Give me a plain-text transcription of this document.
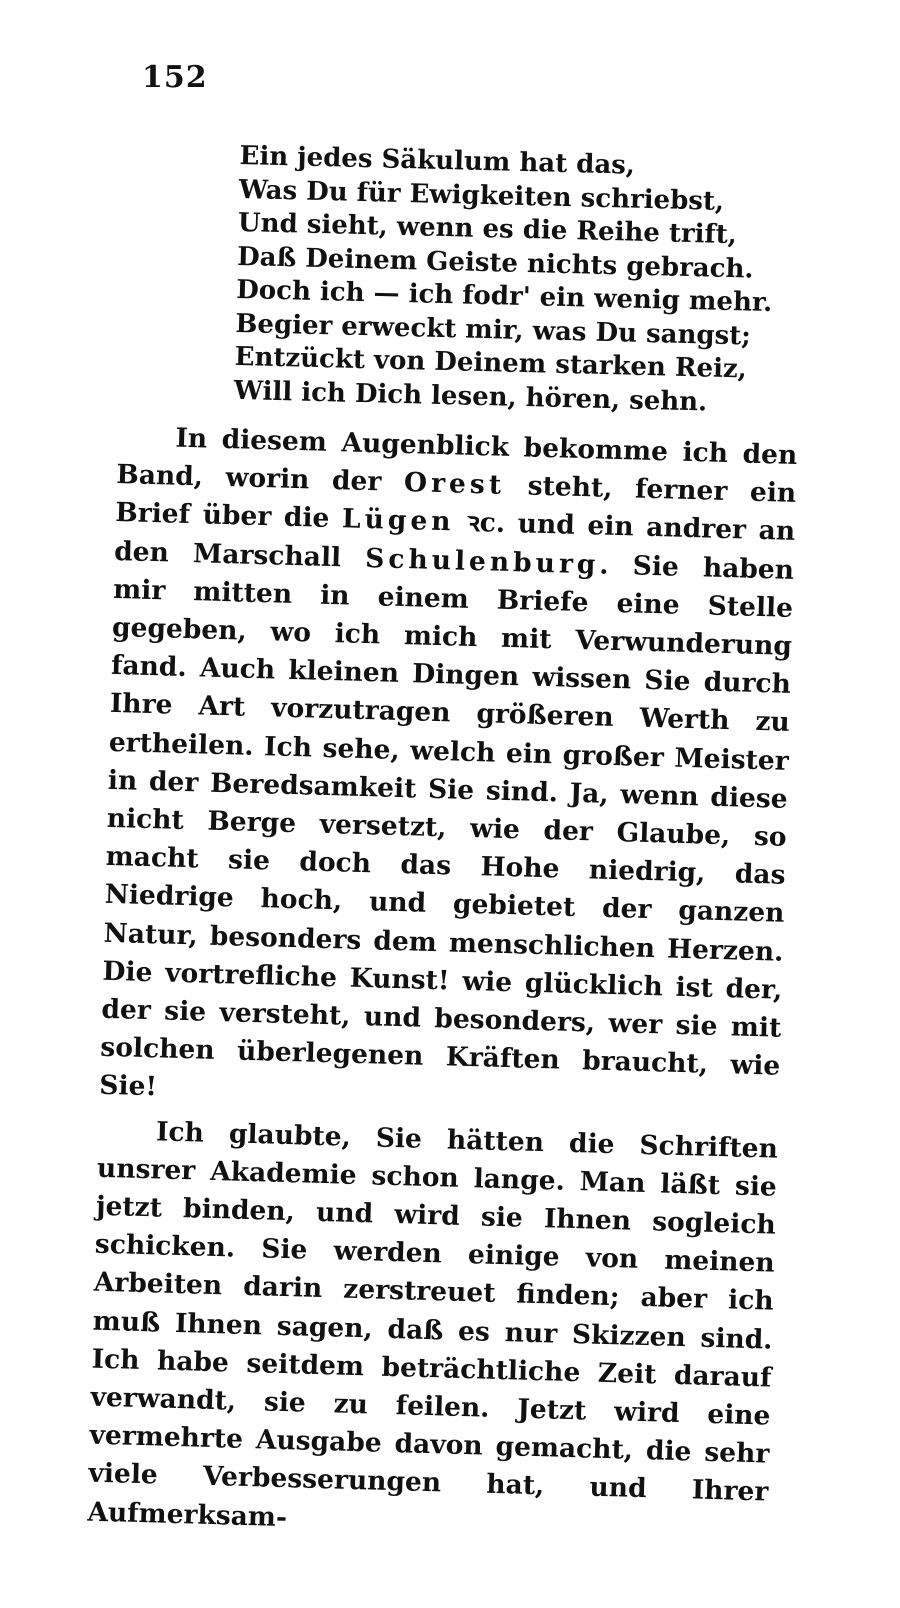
152
Ein jedes Säkulum hat das,
Was Du für Ewigkeiten schriebst,
Und sieht, wenn es die Reihe trift,
Daß Deinem Geiste nichts gebrach.
Doch ich — ich fodr' ein wenig mehr.
Begier erweckt mir, was Du sangst;
Entzückt von Deinem starken Reiz,
Will ich Dich lesen, hören, sehn.

In diesem Augenblick bekomme ich den Band, worin der Orest steht, ferner ein Brief über die Lügen ꝛc. und ein andrer an den Marschall Schulenburg. Sie haben mir mitten in einem Briefe eine Stelle gegeben, wo ich mich mit Verwunderung fand. Auch kleinen Dingen wissen Sie durch Ihre Art vorzutragen größeren Werth zu ertheilen. Ich sehe, welch ein großer Meister in der Beredsamkeit Sie sind. Ja, wenn diese nicht Berge versetzt, wie der Glaube, so macht sie doch das Hohe niedrig, das Niedrige hoch, und gebietet der ganzen Natur, besonders dem menschlichen Herzen. Die vortrefliche Kunst! wie glücklich ist der, der sie versteht, und besonders, wer sie mit solchen überlegenen Kräften braucht, wie Sie!

Ich glaubte, Sie hätten die Schriften unsrer Akademie schon lange. Man läßt sie jetzt binden, und wird sie Ihnen sogleich schicken. Sie werden einige von meinen Arbeiten darin zerstreuet finden; aber ich muß Ihnen sagen, daß es nur Skizzen sind. Ich habe seitdem beträchtliche Zeit darauf verwandt, sie zu feilen. Jetzt wird eine vermehrte Ausgabe davon gemacht, die sehr viele Verbesserungen hat, und Ihrer Aufmerksam-
